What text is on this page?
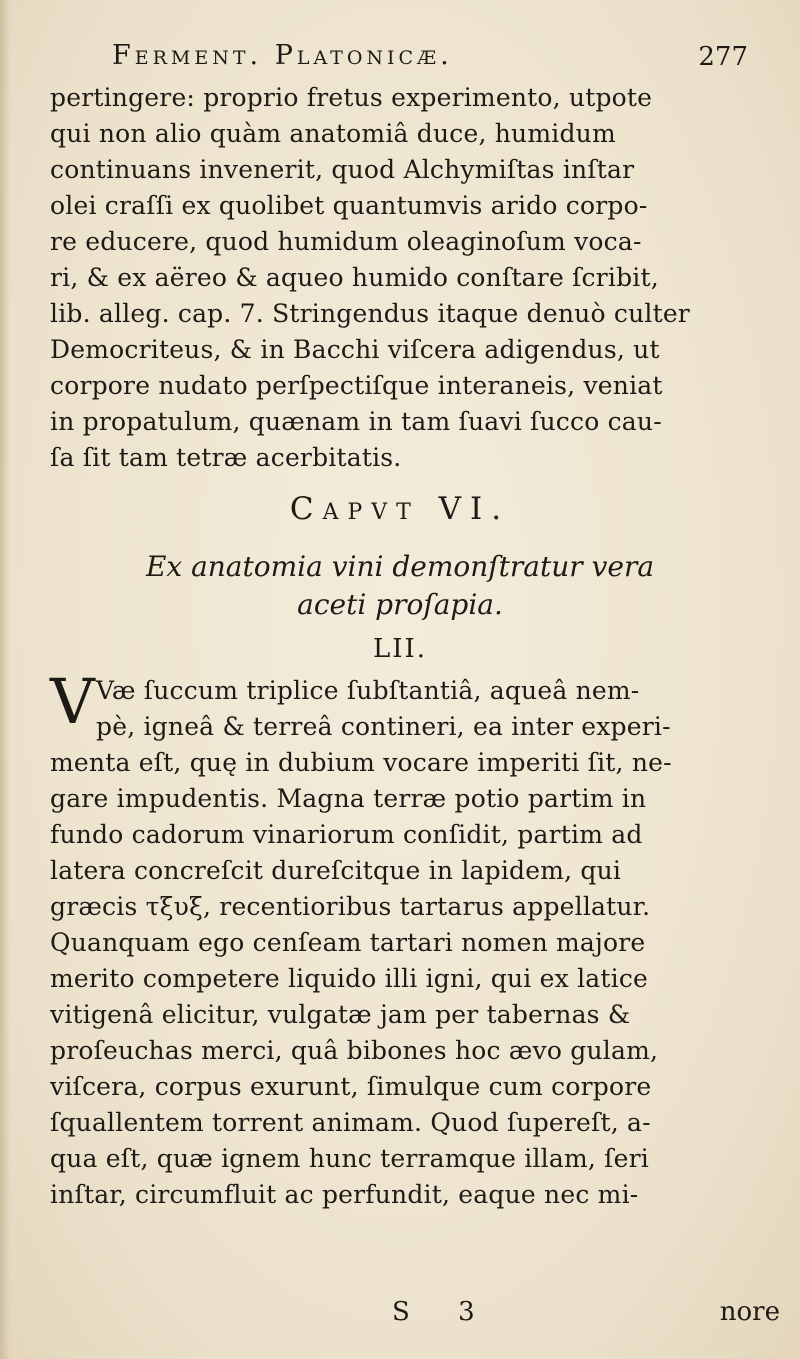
Ferment. Platonicæ.	277
pertingere: proprio fretus experimento, utpote
qui non alio quàm anatomiâ duce, humidum
continuans invenerit, quod Alchymiſtas inſtar
olei craſſi ex quolibet quantumvis arido corpo-
re educere, quod humidum oleaginoſum voca-
ri, & ex aëreo & aqueo humido conſtare ſcribit,
lib. alleg. cap. 7. Stringendus itaque denuò culter
Democriteus, & in Bacchi viſcera adigendus, ut
corpore nudato perſpectiſque interaneis, veniat
in propatulum, quænam in tam ſuavi ſucco cau-
ſa ſit tam tetræ acerbitatis.
Capvt VI.
Ex anatomia vini demonſtratur vera
aceti proſapia.
LII.
V Væ ſuccum triplice ſubſtantiâ, aqueâ nem-
pè, igneâ & terreâ contineri, ea inter experi-
menta eſt, quę in dubium vocare imperiti ſit, ne-
gare impudentis. Magna terræ potio partim in
fundo cadorum vinariorum conſidit, partim ad
latera concreſcit dureſcitque in lapidem, qui
græcis τξυξ, recentioribus tartarus appellatur.
Quanquam ego cenſeam tartari nomen majore
merito competere liquido illi igni, qui ex latice
vitigenâ elicitur, vulgatæ jam per tabernas &
proſeuchas merci, quâ bibones hoc ævo gulam,
viſcera, corpus exurunt, ſimulque cum corpore
ſquallentem torrent animam. Quod ſupereſt, a-
qua eſt, quæ ignem hunc terramque illam, ſeri
inſtar, circumfluit ac perfundit, eaque nec mi-
S 3	nore
